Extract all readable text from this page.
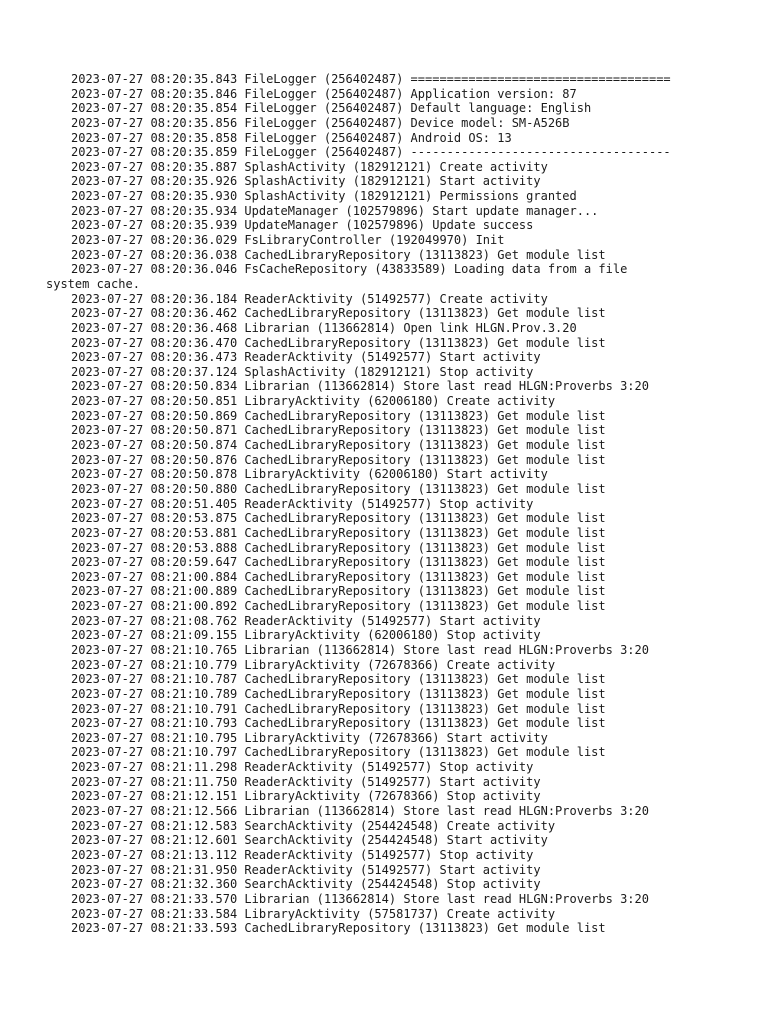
2023-07-27 08:20:35.843 FileLogger (256402487) ====================================
2023-07-27 08:20:35.846 FileLogger (256402487) Application version: 87
2023-07-27 08:20:35.854 FileLogger (256402487) Default language: English
2023-07-27 08:20:35.856 FileLogger (256402487) Device model: SM-A526B
2023-07-27 08:20:35.858 FileLogger (256402487) Android OS: 13
2023-07-27 08:20:35.859 FileLogger (256402487) ------------------------------------
2023-07-27 08:20:35.887 SplashActivity (182912121) Create activity
2023-07-27 08:20:35.926 SplashActivity (182912121) Start activity
2023-07-27 08:20:35.930 SplashActivity (182912121) Permissions granted
2023-07-27 08:20:35.934 UpdateManager (102579896) Start update manager...
2023-07-27 08:20:35.939 UpdateManager (102579896) Update success
2023-07-27 08:20:36.029 FsLibraryController (192049970) Init
2023-07-27 08:20:36.038 CachedLibraryRepository (13113823) Get module list
2023-07-27 08:20:36.046 FsCacheRepository (43833589) Loading data from a file
system cache.
2023-07-27 08:20:36.184 ReaderAcktivity (51492577) Create activity
2023-07-27 08:20:36.462 CachedLibraryRepository (13113823) Get module list
2023-07-27 08:20:36.468 Librarian (113662814) Open link HLGN.Prov.3.20
2023-07-27 08:20:36.470 CachedLibraryRepository (13113823) Get module list
2023-07-27 08:20:36.473 ReaderAcktivity (51492577) Start activity
2023-07-27 08:20:37.124 SplashActivity (182912121) Stop activity
2023-07-27 08:20:50.834 Librarian (113662814) Store last read HLGN:Proverbs 3:20
2023-07-27 08:20:50.851 LibraryAcktivity (62006180) Create activity
2023-07-27 08:20:50.869 CachedLibraryRepository (13113823) Get module list
2023-07-27 08:20:50.871 CachedLibraryRepository (13113823) Get module list
2023-07-27 08:20:50.874 CachedLibraryRepository (13113823) Get module list
2023-07-27 08:20:50.876 CachedLibraryRepository (13113823) Get module list
2023-07-27 08:20:50.878 LibraryAcktivity (62006180) Start activity
2023-07-27 08:20:50.880 CachedLibraryRepository (13113823) Get module list
2023-07-27 08:20:51.405 ReaderAcktivity (51492577) Stop activity
2023-07-27 08:20:53.875 CachedLibraryRepository (13113823) Get module list
2023-07-27 08:20:53.881 CachedLibraryRepository (13113823) Get module list
2023-07-27 08:20:53.888 CachedLibraryRepository (13113823) Get module list
2023-07-27 08:20:59.647 CachedLibraryRepository (13113823) Get module list
2023-07-27 08:21:00.884 CachedLibraryRepository (13113823) Get module list
2023-07-27 08:21:00.889 CachedLibraryRepository (13113823) Get module list
2023-07-27 08:21:00.892 CachedLibraryRepository (13113823) Get module list
2023-07-27 08:21:08.762 ReaderAcktivity (51492577) Start activity
2023-07-27 08:21:09.155 LibraryAcktivity (62006180) Stop activity
2023-07-27 08:21:10.765 Librarian (113662814) Store last read HLGN:Proverbs 3:20
2023-07-27 08:21:10.779 LibraryAcktivity (72678366) Create activity
2023-07-27 08:21:10.787 CachedLibraryRepository (13113823) Get module list
2023-07-27 08:21:10.789 CachedLibraryRepository (13113823) Get module list
2023-07-27 08:21:10.791 CachedLibraryRepository (13113823) Get module list
2023-07-27 08:21:10.793 CachedLibraryRepository (13113823) Get module list
2023-07-27 08:21:10.795 LibraryAcktivity (72678366) Start activity
2023-07-27 08:21:10.797 CachedLibraryRepository (13113823) Get module list
2023-07-27 08:21:11.298 ReaderAcktivity (51492577) Stop activity
2023-07-27 08:21:11.750 ReaderAcktivity (51492577) Start activity
2023-07-27 08:21:12.151 LibraryAcktivity (72678366) Stop activity
2023-07-27 08:21:12.566 Librarian (113662814) Store last read HLGN:Proverbs 3:20
2023-07-27 08:21:12.583 SearchAcktivity (254424548) Create activity
2023-07-27 08:21:12.601 SearchAcktivity (254424548) Start activity
2023-07-27 08:21:13.112 ReaderAcktivity (51492577) Stop activity
2023-07-27 08:21:31.950 ReaderAcktivity (51492577) Start activity
2023-07-27 08:21:32.360 SearchAcktivity (254424548) Stop activity
2023-07-27 08:21:33.570 Librarian (113662814) Store last read HLGN:Proverbs 3:20
2023-07-27 08:21:33.584 LibraryAcktivity (57581737) Create activity
2023-07-27 08:21:33.593 CachedLibraryRepository (13113823) Get module list
